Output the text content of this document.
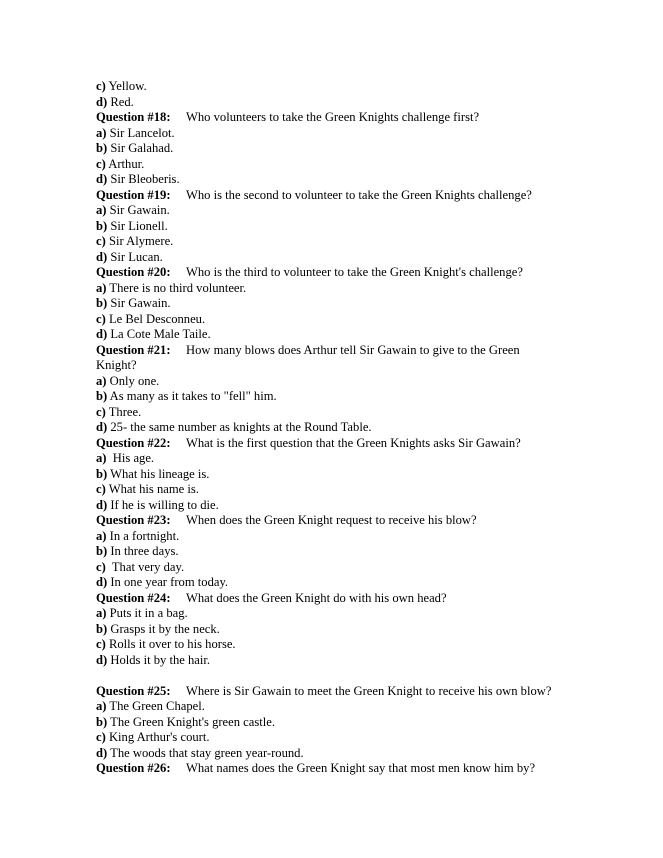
c) Yellow.
d) Red.
Question #18: Who volunteers to take the Green Knights challenge first?
a) Sir Lancelot.
b) Sir Galahad.
c) Arthur.
d) Sir Bleoberis.
Question #19: Who is the second to volunteer to take the Green Knights challenge?
a) Sir Gawain.
b) Sir Lionell.
c) Sir Alymere.
d) Sir Lucan.
Question #20: Who is the third to volunteer to take the Green Knight's challenge?
a) There is no third volunteer.
b) Sir Gawain.
c) Le Bel Desconneu.
d) La Cote Male Taile.
Question #21: How many blows does Arthur tell Sir Gawain to give to the Green
Knight?
a) Only one.
b) As many as it takes to "fell" him.
c) Three.
d) 25- the same number as knights at the Round Table.
Question #22: What is the first question that the Green Knights asks Sir Gawain?
a)  His age.
b) What his lineage is.
c) What his name is.
d) If he is willing to die.
Question #23: When does the Green Knight request to receive his blow?
a) In a fortnight.
b) In three days.
c)  That very day.
d) In one year from today.
Question #24: What does the Green Knight do with his own head?
a) Puts it in a bag.
b) Grasps it by the neck.
c) Rolls it over to his horse.
d) Holds it by the hair.
Question #25: Where is Sir Gawain to meet the Green Knight to receive his own blow?
a) The Green Chapel.
b) The Green Knight's green castle.
c) King Arthur's court.
d) The woods that stay green year-round.
Question #26: What names does the Green Knight say that most men know him by?
